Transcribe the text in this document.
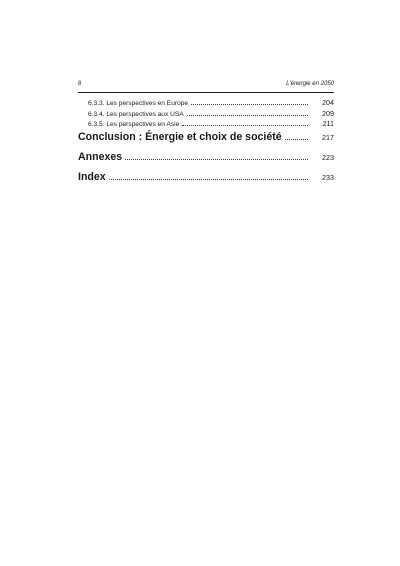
8	L'énergie en 2050
6.3.3. Les perspectives en Europe	204
6.3.4. Les perspectives aux USA	209
6.3.5. Les perspectives en Asie	211
Conclusion : Énergie et choix de société	217
Annexes	223
Index	233
